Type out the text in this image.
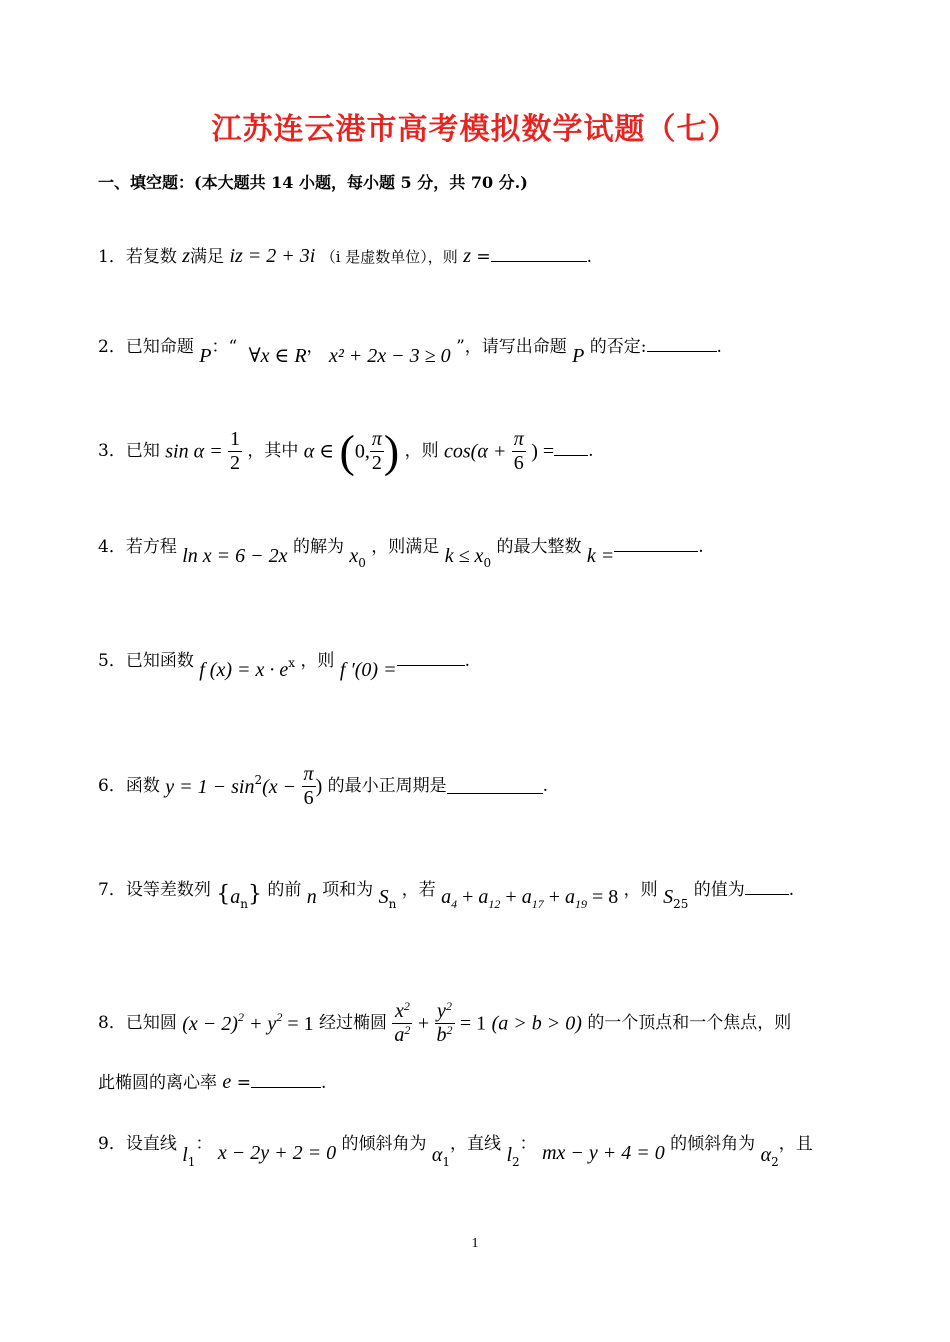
江苏连云港市高考模拟数学试题（七）
一、填空题：(本大题共 14 小题，每小题 5 分，共 70 分.)
1．若复数 z满足 iz = 2 + 3i （i 是虚数单位），则 z =	.
2．已知命题 P：“ ∀x ∈ R， x² + 2x − 3 ≥ 0 ”，请写出命题 P 的否定:	.
3．已知 $\sin \alpha = \frac{1}{2}$ ，其中 α ∈ (0, $\frac{\pi}{2}$ ) ，则 $\cos(\alpha + \frac{\pi}{6}$ ) = .
4．若方程 ln x = 6 − 2x 的解为 $x_0$ ，则满足 $k \le x_0$ 的最大整数 k =	.
5．已知函数 f $(x) = x \cdot e^x$ ，则 f ′(0) =	.
6．函数 $y = 1 - \sin^2(x - \frac{\pi}{6}$ ) 的最小正周期是	.
7．设等差数列 $\{a_n\}$ 的前 n 项和为 $S_n$ ，若 $a_4 + a_{12} + a_{17} + a_{19} = 8$ ，则 $S_{25}$ 的值为	.
8．已知圆 $(x - 2)^2 + y^2 = 1$ 经过椭圆 $\frac{x^2}{a^2} + \frac{y^2}{b^2} = 1$ (a > b > 0) 的一个顶点和一个焦点，则
此椭圆的离心率 e =	.
9．设直线 $l_1$： x − 2y + 2 = 0 的倾斜角为 $\alpha_1$，直线 $l_2$： mx − y + 4 = 0 的倾斜角为 $\alpha_2$，且
1
